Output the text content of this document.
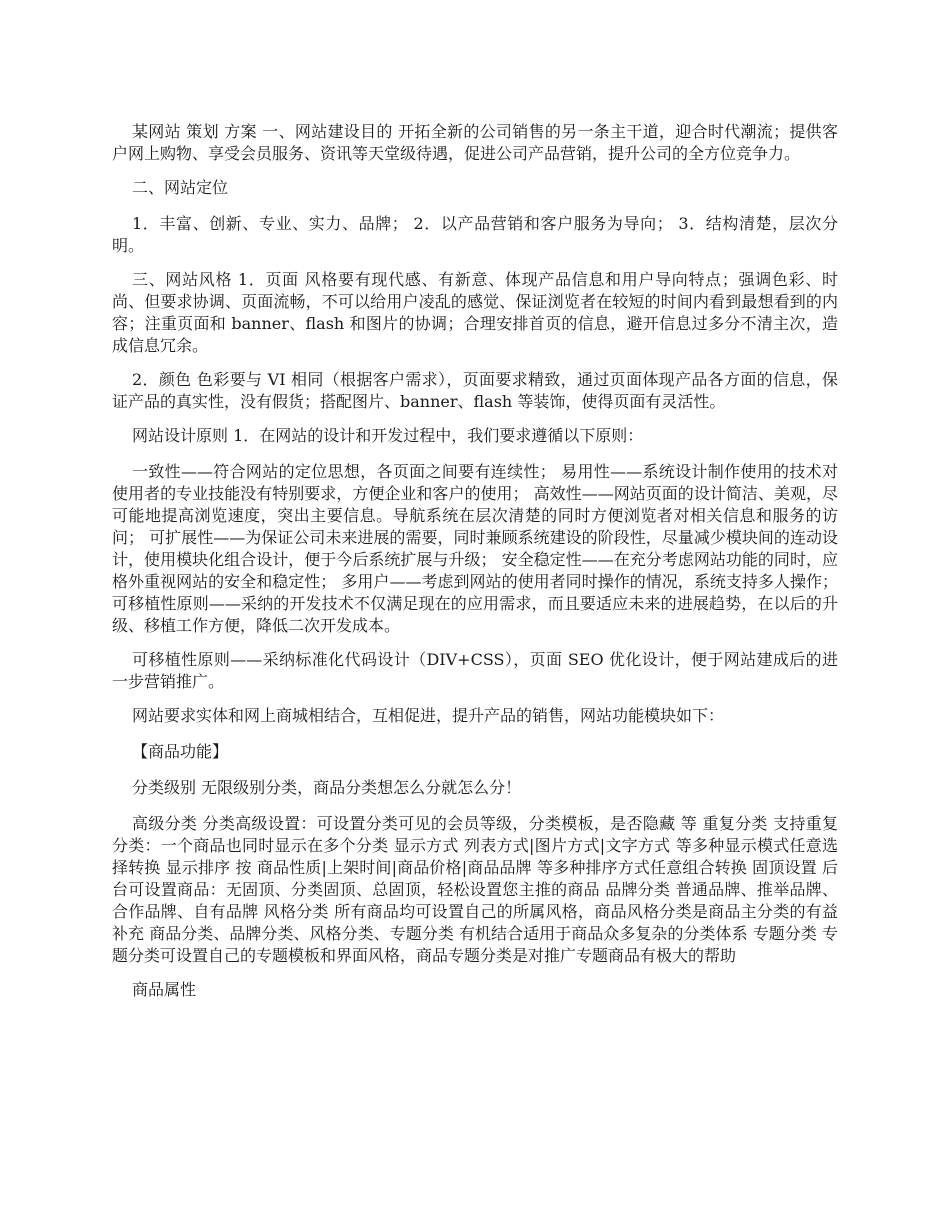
某网站 策划 方案 一、网站建设目的 开拓全新的公司销售的另一条主干道，迎合时代潮流；提供客户网上购物、享受会员服务、资讯等天堂级待遇，促进公司产品营销，提升公司的全方位竞争力。

二、网站定位

1．丰富、创新、专业、实力、品牌； 2．以产品营销和客户服务为导向； 3．结构清楚，层次分明。

三、网站风格 1．页面 风格要有现代感、有新意、体现产品信息和用户导向特点；强调色彩、时尚、但要求协调、页面流畅，不可以给用户凌乱的感觉、保证浏览者在较短的时间内看到最想看到的内容；注重页面和 banner、flash 和图片的协调；合理安排首页的信息，避开信息过多分不清主次，造成信息冗余。

2．颜色 色彩要与 VI 相同（根据客户需求），页面要求精致，通过页面体现产品各方面的信息，保证产品的真实性，没有假货；搭配图片、banner、flash 等装饰，使得页面有灵活性。

网站设计原则 1．在网站的设计和开发过程中，我们要求遵循以下原则：

一致性——符合网站的定位思想，各页面之间要有连续性； 易用性——系统设计制作使用的技术对使用者的专业技能没有特别要求，方便企业和客户的使用； 高效性——网站页面的设计简洁、美观，尽可能地提高浏览速度，突出主要信息。导航系统在层次清楚的同时方便浏览者对相关信息和服务的访问； 可扩展性——为保证公司未来进展的需要，同时兼顾系统建设的阶段性，尽量减少模块间的连动设计，使用模块化组合设计，便于今后系统扩展与升级； 安全稳定性——在充分考虑网站功能的同时，应格外重视网站的安全和稳定性； 多用户——考虑到网站的使用者同时操作的情况，系统支持多人操作； 可移植性原则——采纳的开发技术不仅满足现在的应用需求，而且要适应未来的进展趋势，在以后的升级、移植工作方便，降低二次开发成本。

可移植性原则——采纳标准化代码设计（DIV+CSS），页面 SEO 优化设计，便于网站建成后的进一步营销推广。

网站要求实体和网上商城相结合，互相促进，提升产品的销售，网站功能模块如下：

【商品功能】

分类级别 无限级别分类，商品分类想怎么分就怎么分！

高级分类 分类高级设置：可设置分类可见的会员等级，分类模板，是否隐藏 等 重复分类 支持重复分类：一个商品也同时显示在多个分类 显示方式 列表方式|图片方式|文字方式 等多种显示模式任意选择转换 显示排序 按 商品性质|上架时间|商品价格|商品品牌 等多种排序方式任意组合转换 固顶设置 后台可设置商品：无固顶、分类固顶、总固顶，轻松设置您主推的商品 品牌分类 普通品牌、推举品牌、合作品牌、自有品牌 风格分类 所有商品均可设置自己的所属风格，商品风格分类是商品主分类的有益补充 商品分类、品牌分类、风格分类、专题分类 有机结合适用于商品众多复杂的分类体系 专题分类 专题分类可设置自己的专题模板和界面风格，商品专题分类是对推广专题商品有极大的帮助

商品属性
